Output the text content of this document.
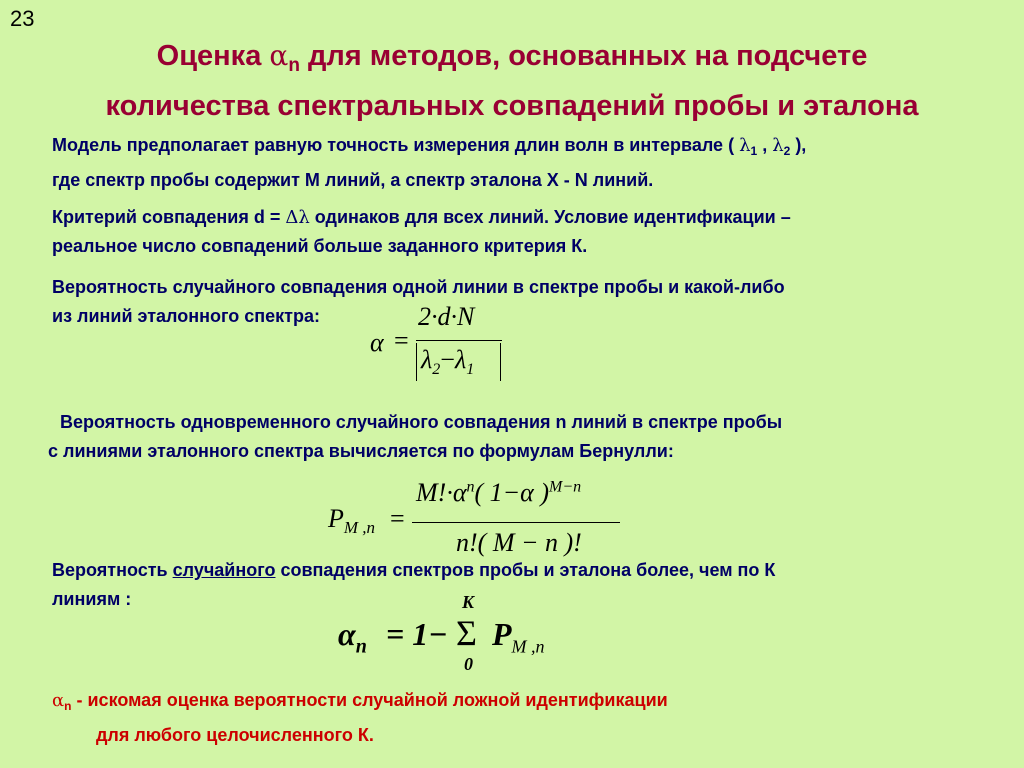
23
Оценка $\alpha_n$ для методов, основанных на подсчете
количества спектральных совпадений пробы и эталона
Модель предполагает равную точность измерения длин волн в интервале ( $\lambda_1$ , $\lambda_2$ ),
где спектр пробы содержит М линий, а спектр эталона Х - N линий.
Критерий совпадения d = Δλ одинаков для всех линий. Условие идентификации –
реальное число совпадений больше заданного критерия К.
Вероятность случайного совпадения одной линии в спектре пробы и какой-либо
из линий эталонного спектра:
α =
2·d·N
$\lambda_2-\lambda_1$
Вероятность одновременного случайного совпадения n линий в спектре пробы
с линиями эталонного спектра вычисляется по формулам Бернулли:
$P_{M ,n}$ =
$M!\cdot\alpha^n$( 1−α )$^{M-n}$
n!( M − n )!
Вероятность случайного совпадения спектров пробы и эталона более, чем по К
линиям :
$\alpha_n = 1-$
K
Σ
0
$P_{M ,n}$
$\alpha_n$ - искомая оценка вероятности случайной ложной идентификации
для любого целочисленного К.
